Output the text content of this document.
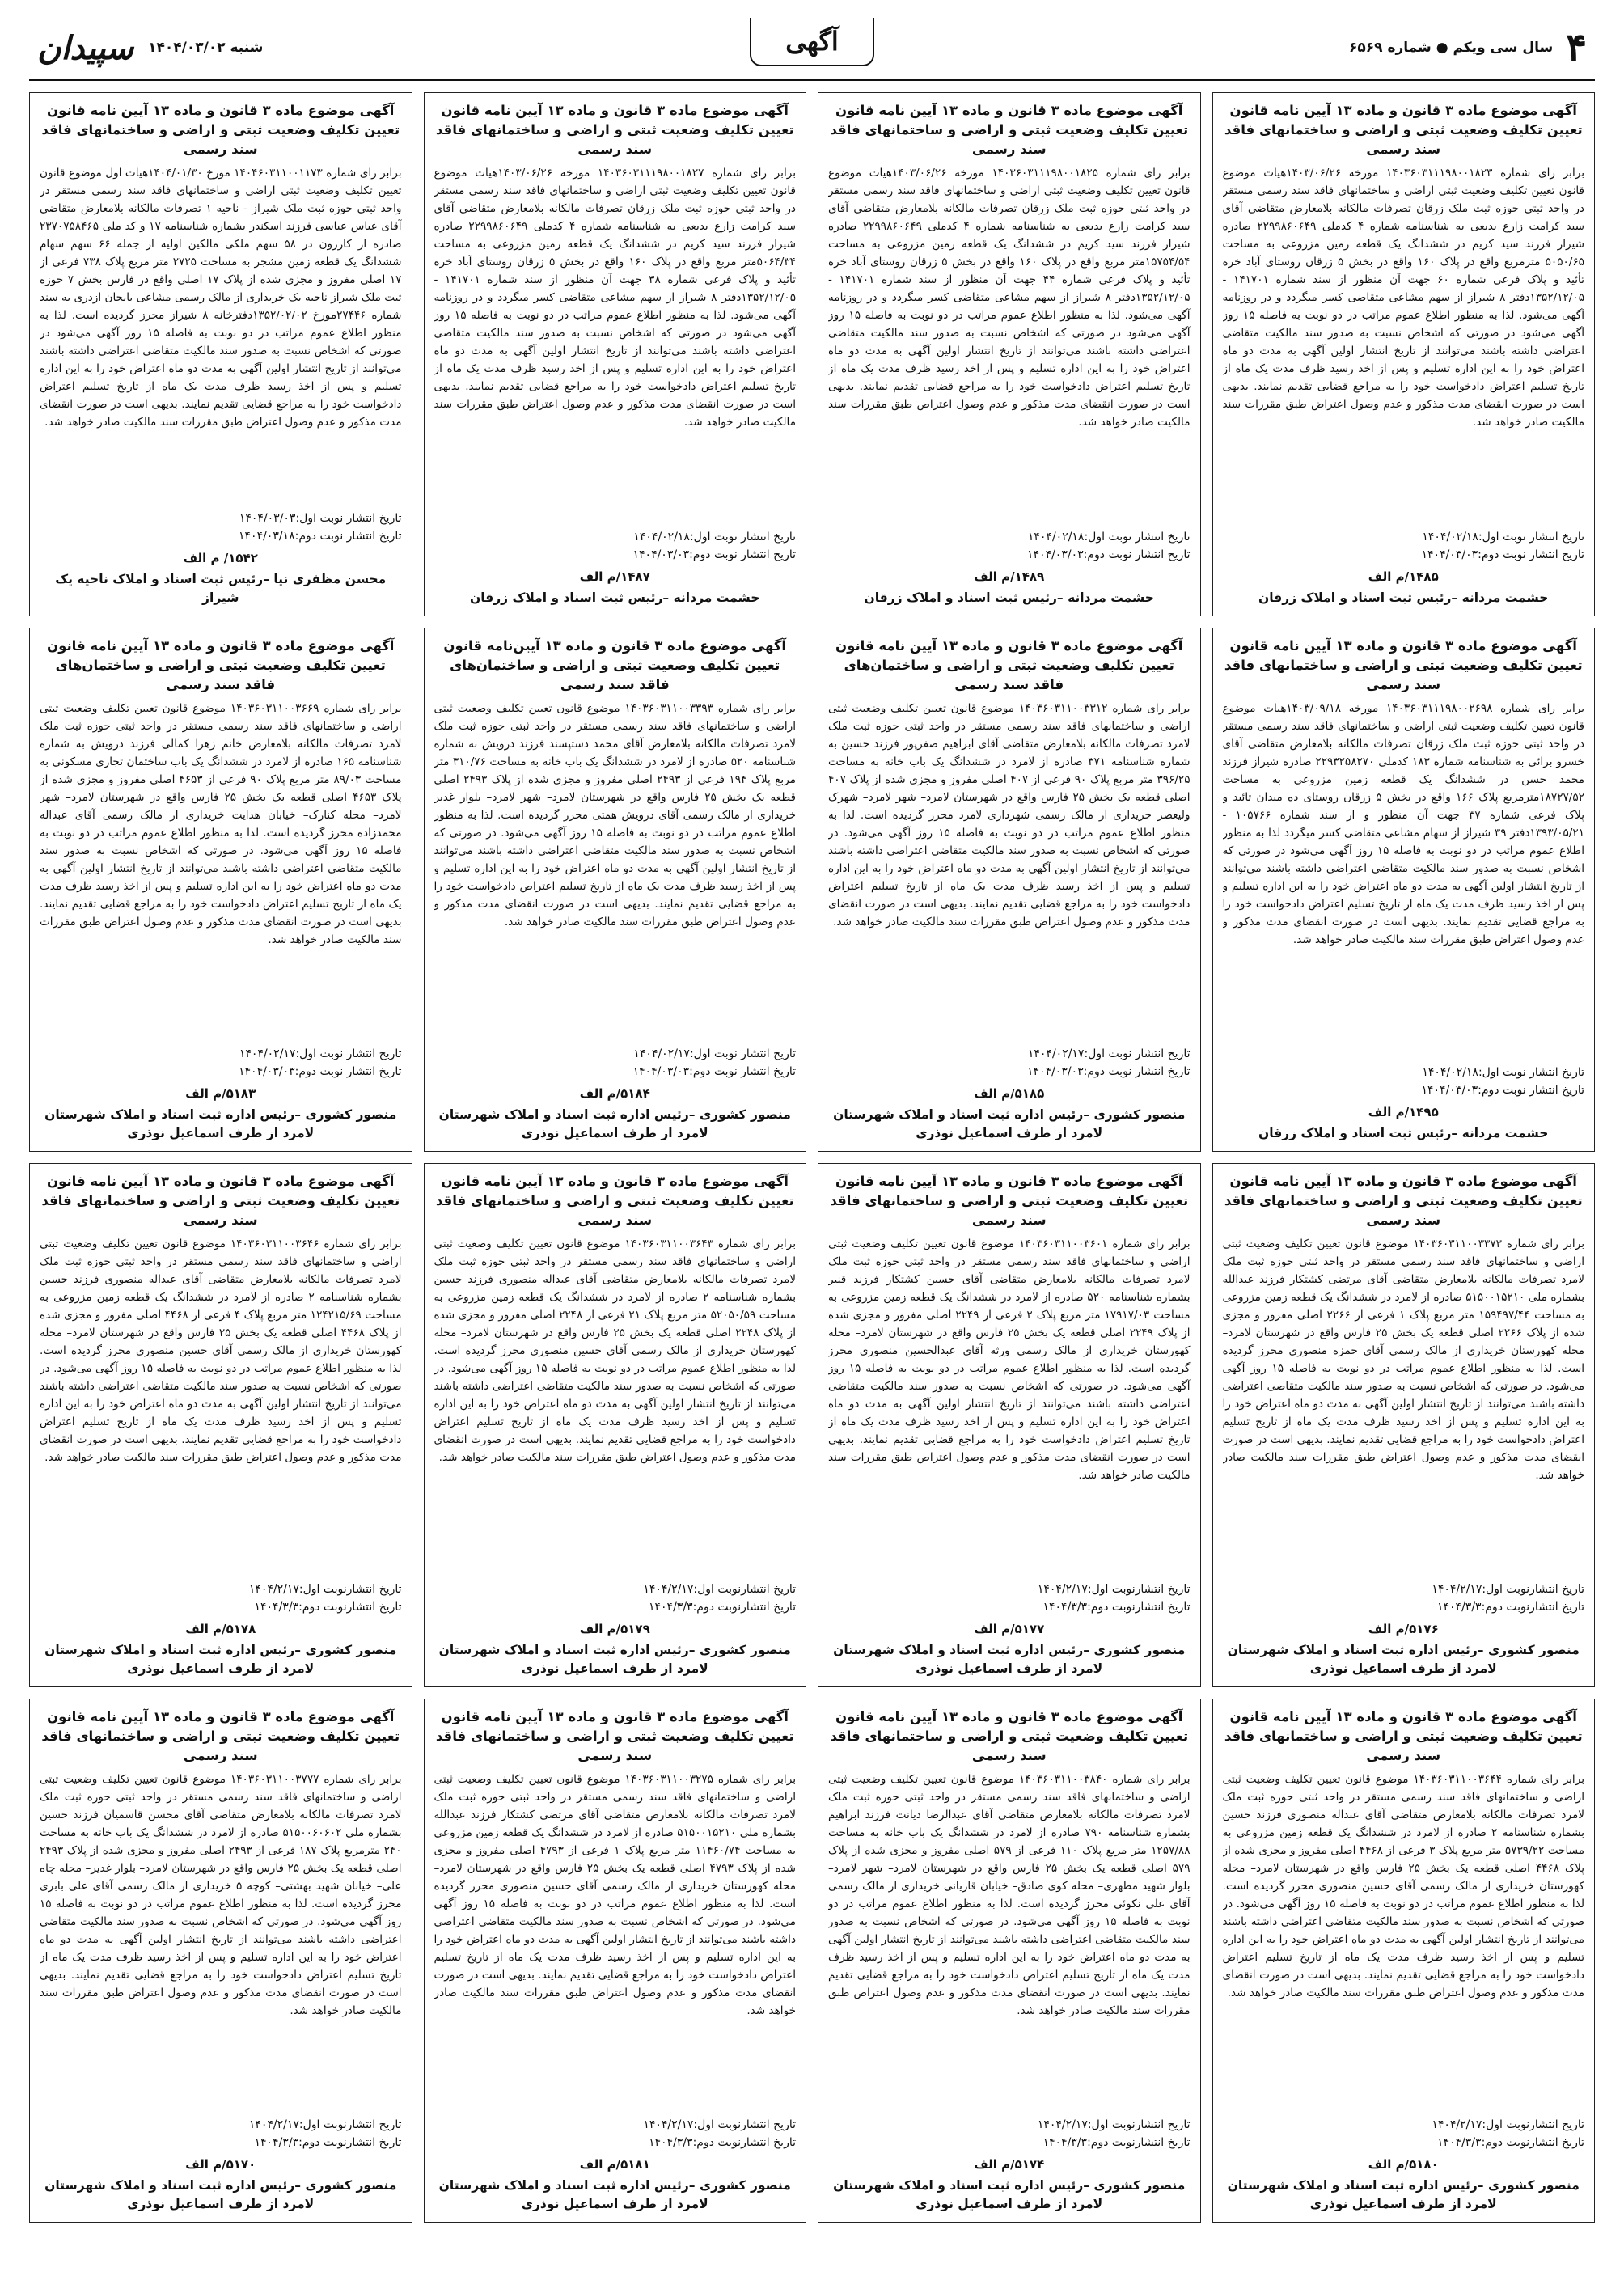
۴
سال سی ویکم ● شماره ۶۵۶۹
آگهی
شنبه ۱۴۰۴/۰۳/۰۲
سپیدان
آگهی موضوع ماده ۳ قانون و ماده ۱۳ آیین نامه قانون تعیین تکلیف وضعیت ثبتی و اراضی و ساختمانهای فاقد سند رسمی
برابر رای شماره ۱۴۰۳۶۰۳۱۱۱۹۸۰۰۱۸۲۳ مورخه ۱۴۰۳/۰۶/۲۶هیات موضوع قانون تعیین تکلیف وضعیت ثبتی اراضی و ساختمانهای فاقد سند رسمی مستقر در واحد ثبتی حوزه ثبت ملک زرقان تصرفات مالکانه بلامعارض متقاضی آقای سید کرامت زارع بدیعی به شناسنامه شماره ۴ کدملی ۲۲۹۹۸۶۰۶۴۹ صادره شیراز فرزند سید کریم در ششدانگ یک قطعه زمین مزروعی به مساحت ۵۰۵۰/۶۵ مترمربع واقع در پلاک ۱۶۰ واقع در بخش ۵ زرقان روستای آباد خره تأئید و پلاک فرعی شماره ۶۰ جهت آن منظور از سند شماره ۱۴۱۷۰۱ - ۱۳۵۲/۱۲/۰۵دفتر ۸ شیراز از سهم مشاعی متقاضی کسر میگردد و در روزنامه آگهی می‌شود. لذا به منظور اطلاع عموم مراتب در دو نوبت به فاصله ۱۵ روز آگهی می‌شود در صورتی که اشخاص نسبت به صدور سند مالکیت متقاضی اعتراضی داشته باشند می‌توانند از تاریخ انتشار اولین آگهی به مدت دو ماه اعتراض خود را به این اداره تسلیم و پس از اخذ رسید ظرف مدت یک ماه از تاریخ تسلیم اعتراض دادخواست خود را به مراجع قضایی تقدیم نمایند. بدیهی است در صورت انقضای مدت مذکور و عدم وصول اعتراض طبق مقررات سند مالکیت صادر خواهد شد.
تاریخ انتشار نوبت اول:۱۴۰۴/۰۲/۱۸
تاریخ انتشار نوبت دوم:۱۴۰۴/۰۳/۰۳
۱۴۸۵/م الف
حشمت مردانه –رئیس ثبت اسناد و املاک زرقان
آگهی موضوع ماده ۳ قانون و ماده ۱۳ آیین نامه قانون تعیین تکلیف وضعیت ثبتی و اراضی و ساختمانهای فاقد سند رسمی
برابر رای شماره ۱۴۰۳۶۰۳۱۱۱۹۸۰۰۱۸۲۵ مورخه ۱۴۰۳/۰۶/۲۶هیات موضوع قانون تعیین تکلیف وضعیت ثبتی اراضی و ساختمانهای فاقد سند رسمی مستقر در واحد ثبتی حوزه ثبت ملک زرقان تصرفات مالکانه بلامعارض متقاضی آقای سید کرامت زارع بدیعی به شناسنامه شماره ۴ کدملی ۲۲۹۹۸۶۰۶۴۹ صادره شیراز فرزند سید کریم در ششدانگ یک قطعه زمین مزروعی به مساحت ۱۵۷۵۴/۵۴متر مربع واقع در پلاک ۱۶۰ واقع در بخش ۵ زرقان روستای آباد خره تأئید و پلاک فرعی شماره ۴۴ جهت آن منظور از سند شماره ۱۴۱۷۰۱ - ۱۳۵۲/۱۲/۰۵دفتر ۸ شیراز از سهم مشاعی متقاضی کسر میگردد و در روزنامه آگهی می‌شود. لذا به منظور اطلاع عموم مراتب در دو نوبت به فاصله ۱۵ روز آگهی می‌شود در صورتی که اشخاص نسبت به صدور سند مالکیت متقاضی اعتراضی داشته باشند می‌توانند از تاریخ انتشار اولین آگهی به مدت دو ماه اعتراض خود را به این اداره تسلیم و پس از اخذ رسید ظرف مدت یک ماه از تاریخ تسلیم اعتراض دادخواست خود را به مراجع قضایی تقدیم نمایند. بدیهی است در صورت انقضای مدت مذکور و عدم وصول اعتراض طبق مقررات سند مالکیت صادر خواهد شد.
تاریخ انتشار نوبت اول:۱۴۰۴/۰۲/۱۸
تاریخ انتشار نوبت دوم:۱۴۰۴/۰۳/۰۳
۱۴۸۹/م الف
حشمت مردانه –رئیس ثبت اسناد و املاک زرقان
آگهی موضوع ماده ۳ قانون و ماده ۱۳ آیین نامه قانون تعیین تکلیف وضعیت ثبتی و اراضی و ساختمانهای فاقد سند رسمی
برابر رای شماره ۱۴۰۳۶۰۳۱۱۱۹۸۰۰۱۸۲۷ مورخه ۱۴۰۳/۰۶/۲۶هیات موضوع قانون تعیین تکلیف وضعیت ثبتی اراضی و ساختمانهای فاقد سند رسمی مستقر در واحد ثبتی حوزه ثبت ملک زرقان تصرفات مالکانه بلامعارض متقاضی آقای سید کرامت زارع بدیعی به شناسنامه شماره ۴ کدملی ۲۲۹۹۸۶۰۶۴۹ صادره شیراز فرزند سید کریم در ششدانگ یک قطعه زمین مزروعی به مساحت ۵۰۶۴/۳۴متر مربع واقع در پلاک ۱۶۰ واقع در بخش ۵ زرقان روستای آباد خره تأئید و پلاک فرعی شماره ۳۸ جهت آن منظور از سند شماره ۱۴۱۷۰۱ - ۱۳۵۲/۱۲/۰۵دفتر ۸ شیراز از سهم مشاعی متقاضی کسر میگردد و در روزنامه آگهی می‌شود. لذا به منظور اطلاع عموم مراتب در دو نوبت به فاصله ۱۵ روز آگهی می‌شود در صورتی که اشخاص نسبت به صدور سند مالکیت متقاضی اعتراضی داشته باشند می‌توانند از تاریخ انتشار اولین آگهی به مدت دو ماه اعتراض خود را به این اداره تسلیم و پس از اخذ رسید ظرف مدت یک ماه از تاریخ تسلیم اعتراض دادخواست خود را به مراجع قضایی تقدیم نمایند. بدیهی است در صورت انقضای مدت مذکور و عدم وصول اعتراض طبق مقررات سند مالکیت صادر خواهد شد.
تاریخ انتشار نوبت اول:۱۴۰۴/۰۲/۱۸
تاریخ انتشار نوبت دوم:۱۴۰۴/۰۳/۰۳
۱۴۸۷/م الف
حشمت مردانه –رئیس ثبت اسناد و املاک زرقان
آگهی موضوع ماده ۳ قانون و ماده ۱۳ آیین نامه قانون تعیین تکلیف وضعیت ثبتی و اراضی و ساختمانهای فاقد سند رسمی
برابر رای شماره ۱۴۰۴۶۰۳۱۱۰۰۱۱۷۳ مورخ ۱۴۰۴/۰۱/۳۰هیات اول موضوع قانون تعیین تکلیف وضعیت ثبتی اراضی و ساختمانهای فاقد سند رسمی مستقر در واحد ثبتی حوزه ثبت ملک شیراز - ناحیه ۱ تصرفات مالکانه بلامعارض متقاضی آقای عباس عباسی فرزند اسکندر بشماره شناسنامه ۱۷ و کد ملی ۲۳۷۰۷۵۸۴۶۵ صادره از کازرون در ۵۸ سهم ملکی مالکین اولیه از جمله ۶۶ سهم سهام ششدانگ یک قطعه زمین مشجر به مساحت ۲۷۲۵ متر مربع پلاک ۷۳۸ فرعی از ۱۷ اصلی مفروز و مجزی شده از پلاک ۱۷ اصلی واقع در فارس بخش ۷ حوزه ثبت ملک شیراز ناحیه یک خریداری از مالک رسمی مشاعی بانجان ازدری به سند شماره ۲۷۴۴۶مورخ ۱۳۵۲/۰۲/۰۲دفترخانه ۸ شیراز محرز گردیده است. لذا به منظور اطلاع عموم مراتب در دو نوبت به فاصله ۱۵ روز آگهی می‌شود در صورتی که اشخاص نسبت به صدور سند مالکیت متقاضی اعتراضی داشته باشند می‌توانند از تاریخ انتشار اولین آگهی به مدت دو ماه اعتراض خود را به این اداره تسلیم و پس از اخذ رسید ظرف مدت یک ماه از تاریخ تسلیم اعتراض دادخواست خود را به مراجع قضایی تقدیم نمایند. بدیهی است در صورت انقضای مدت مذکور و عدم وصول اعتراض طبق مقررات سند مالکیت صادر خواهد شد.
تاریخ انتشار نوبت اول:۱۴۰۴/۰۳/۰۳
تاریخ انتشار نوبت دوم:۱۴۰۴/۰۳/۱۸
۱۵۴۲/ م الف
محسن مظفری نیا –رئیس ثبت اسناد و املاک ناحیه یک شیراز
آگهی موضوع ماده ۳ قانون و ماده ۱۳ آیین نامه قانون تعیین تکلیف وضعیت ثبتی و اراضی و ساختمانهای فاقد سند رسمی
برابر رای شماره ۱۴۰۳۶۰۳۱۱۱۹۸۰۰۲۶۹۸ مورخه ۱۴۰۳/۰۹/۱۸هیات موضوع قانون تعیین تکلیف وضعیت ثبتی اراضی و ساختمانهای فاقد سند رسمی مستقر در واحد ثبتی حوزه ثبت ملک زرقان تصرفات مالکانه بلامعارض متقاضی آقای خسرو برائی به شناسنامه شماره ۱۸۳ کدملی ۲۲۹۳۲۵۸۲۷۰ صادره شیراز فرزند محمد حسن در ششدانگ یک قطعه زمین مزروعی به مساحت ۱۸۷۲۷/۵۲مترمربع پلاک ۱۶۶ واقع در بخش ۵ زرقان روستای ده میدان تائید و پلاک فرعی شماره ۳۷ جهت آن منظور و از سند شماره ۱۰۵۷۶۶ - ۱۳۹۳/۰۵/۲۱دفتر ۳۹ شیراز از سهام مشاعی متقاضی کسر میگردد لذا به منظور اطلاع عموم مراتب در دو نوبت به فاصله ۱۵ روز آگهی می‌شود در صورتی که اشخاص نسبت به صدور سند مالکیت متقاضی اعتراضی داشته باشند می‌توانند از تاریخ انتشار اولین آگهی به مدت دو ماه اعتراض خود را به این اداره تسلیم و پس از اخذ رسید ظرف مدت یک ماه از تاریخ تسلیم اعتراض دادخواست خود را به مراجع قضایی تقدیم نمایند. بدیهی است در صورت انقضای مدت مذکور و عدم وصول اعتراض طبق مقررات سند مالکیت صادر خواهد شد.
تاریخ انتشار نوبت اول:۱۴۰۴/۰۲/۱۸
تاریخ انتشار نوبت دوم:۱۴۰۴/۰۳/۰۳
۱۴۹۵/م الف
حشمت مردانه –رئیس ثبت اسناد و املاک زرقان
آگهی موضوع ماده ۳ قانون و ماده ۱۳ آیین نامه قانون تعیین تکلیف وضعیت ثبتی و اراضی و ساختمان‌های فاقد سند رسمی
برابر رای شماره ۱۴۰۳۶۰۳۱۱۰۰۳۳۱۲ موضوع قانون تعیین تکلیف وضعیت ثبتی اراضی و ساختمانهای فاقد سند رسمی مستقر در واحد ثبتی حوزه ثبت ملک لامرد تصرفات مالکانه بلامعارض متقاضی آقای ابراهیم صفرپور فرزند حسین به شماره شناسنامه ۳۷۱ صادره از لامرد در ششدانگ یک باب خانه به مساحت ۳۹۶/۲۵ متر مربع پلاک ۹۰ فرعی از ۴۰۷ اصلی مفروز و مجزی شده از پلاک ۴۰۷ اصلی قطعه یک بخش ۲۵ فارس واقع در شهرستان لامرد– شهر لامرد– شهرک ولیعصر خریداری از مالک رسمی شهرداری لامرد محرز گردیده است. لذا به منظور اطلاع عموم مراتب در دو نوبت به فاصله ۱۵ روز آگهی می‌شود. در صورتی که اشخاص نسبت به صدور سند مالکیت متقاضی اعتراضی داشته باشند می‌توانند از تاریخ انتشار اولین آگهی به مدت دو ماه اعتراض خود را به این اداره تسلیم و پس از اخذ رسید ظرف مدت یک ماه از تاریخ تسلیم اعتراض دادخواست خود را به مراجع قضایی تقدیم نمایند. بدیهی است در صورت انقضای مدت مذکور و عدم وصول اعتراض طبق مقررات سند مالکیت صادر خواهد شد.
تاریخ انتشار نوبت اول:۱۴۰۴/۰۲/۱۷
تاریخ انتشار نوبت دوم:۱۴۰۴/۰۳/۰۳
۵۱۸۵/م الف
منصور کشوری –رئیس اداره ثبت اسناد و املاک شهرستان لامرد از طرف اسماعیل نوذری
آگهی موضوع ماده ۳ قانون و ماده ۱۳ آیین‌نامه قانون تعیین تکلیف وضعیت ثبتی و اراضی و ساختمان‌های فاقد سند رسمی
برابر رای شماره ۱۴۰۳۶۰۳۱۱۰۰۳۳۹۳ موضوع قانون تعیین تکلیف وضعیت ثبتی اراضی و ساختمانهای فاقد سند رسمی مستقر در واحد ثبتی حوزه ثبت ملک لامرد تصرفات مالکانه بلامعارض آقای محمد دستپسند فرزند درویش به شماره شناسنامه ۵۲۰ صادره از لامرد در ششدانگ یک باب خانه به مساحت ۳۱۰/۷۶ متر مربع پلاک ۱۹۴ فرعی از ۲۴۹۳ اصلی مفروز و مجزی شده از پلاک ۲۴۹۳ اصلی قطعه یک بخش ۲۵ فارس واقع در شهرستان لامرد– شهر لامرد– بلوار غدیر خریداری از مالک رسمی آقای درویش همتی محرز گردیده است. لذا به منظور اطلاع عموم مراتب در دو نوبت به فاصله ۱۵ روز آگهی می‌شود. در صورتی که اشخاص نسبت به صدور سند مالکیت متقاضی اعتراضی داشته باشند می‌توانند از تاریخ انتشار اولین آگهی به مدت دو ماه اعتراض خود را به این اداره تسلیم و پس از اخذ رسید ظرف مدت یک ماه از تاریخ تسلیم اعتراض دادخواست خود را به مراجع قضایی تقدیم نمایند. بدیهی است در صورت انقضای مدت مذکور و عدم وصول اعتراض طبق مقررات سند مالکیت صادر خواهد شد.
تاریخ انتشار نوبت اول:۱۴۰۴/۰۲/۱۷
تاریخ انتشار نوبت دوم:۱۴۰۴/۰۳/۰۳
۵۱۸۴/م الف
منصور کشوری –رئیس اداره ثبت اسناد و املاک شهرستان لامرد از طرف اسماعیل نوذری
آگهی موضوع ماده ۳ قانون و ماده ۱۳ آیین نامه قانون تعیین تکلیف وضعیت ثبتی و اراضی و ساختمان‌های فاقد سند رسمی
برابر رای شماره ۱۴۰۳۶۰۳۱۱۰۰۳۶۶۹ موضوع قانون تعیین تکلیف وضعیت ثبتی اراضی و ساختمانهای فاقد سند رسمی مستقر در واحد ثبتی حوزه ثبت ملک لامرد تصرفات مالکانه بلامعارض خانم زهرا کمالی فرزند درویش به شماره شناسنامه ۱۶۵ صادره از لامرد در ششدانگ یک باب ساختمان تجاری مسکونی به مساحت ۸۹/۰۳ متر مربع پلاک ۹۰ فرعی از ۴۶۵۳ اصلی مفروز و مجزی شده از پلاک ۴۶۵۳ اصلی قطعه یک بخش ۲۵ فارس واقع در شهرستان لامرد– شهر لامرد– محله کنارک– خیابان هدایت خریداری از مالک رسمی آقای عبداله محمدزاده محرز گردیده است. لذا به منظور اطلاع عموم مراتب در دو نوبت به فاصله ۱۵ روز آگهی می‌شود. در صورتی که اشخاص نسبت به صدور سند مالکیت متقاضی اعتراضی داشته باشند می‌توانند از تاریخ انتشار اولین آگهی به مدت دو ماه اعتراض خود را به این اداره تسلیم و پس از اخذ رسید ظرف مدت یک ماه از تاریخ تسلیم اعتراض دادخواست خود را به مراجع قضایی تقدیم نمایند. بدیهی است در صورت انقضای مدت مذکور و عدم وصول اعتراض طبق مقررات سند مالکیت صادر خواهد شد.
تاریخ انتشار نوبت اول:۱۴۰۴/۰۲/۱۷
تاریخ انتشار نوبت دوم:۱۴۰۴/۰۳/۰۳
۵۱۸۳/م الف
منصور کشوری –رئیس اداره ثبت اسناد و املاک شهرستان لامرد از طرف اسماعیل نوذری
آگهی موضوع ماده ۳ قانون و ماده ۱۳ آیین نامه قانون تعیین تکلیف وضعیت ثبتی و اراضی و ساختمانهای فاقد سند رسمی
برابر رای شماره ۱۴۰۳۶۰۳۱۱۰۰۳۳۷۳ موضوع قانون تعیین تکلیف وضعیت ثبتی اراضی و ساختمانهای فاقد سند رسمی مستقر در واحد ثبتی حوزه ثبت ملک لامرد تصرفات مالکانه بلامعارض متقاضی آقای مرتضی کشتکار فرزند عبدالله بشماره ملی ۵۱۵۰۰۱۵۲۱۰ صادره از لامرد در ششدانگ یک قطعه زمین مزروعی به مساحت ۱۵۹۴۹۷/۴۴ متر مربع پلاک ۱ فرعی از ۲۲۶۶ اصلی مفروز و مجزی شده از پلاک ۲۲۶۶ اصلی قطعه یک بخش ۲۵ فارس واقع در شهرستان لامرد– محله کهورستان خریداری از مالک رسمی آقای حمزه منصوری محرز گردیده است. لذا به منظور اطلاع عموم مراتب در دو نوبت به فاصله ۱۵ روز آگهی می‌شود. در صورتی که اشخاص نسبت به صدور سند مالکیت متقاضی اعتراضی داشته باشند می‌توانند از تاریخ انتشار اولین آگهی به مدت دو ماه اعتراض خود را به این اداره تسلیم و پس از اخذ رسید ظرف مدت یک ماه از تاریخ تسلیم اعتراض دادخواست خود را به مراجع قضایی تقدیم نمایند. بدیهی است در صورت انقضای مدت مذکور و عدم وصول اعتراض طبق مقررات سند مالکیت صادر خواهد شد.
تاریخ انتشارنوبت اول:۱۴۰۴/۲/۱۷
تاریخ انتشارنوبت دوم:۱۴۰۴/۳/۳
۵۱۷۶/م الف
منصور کشوری –رئیس اداره ثبت اسناد و املاک شهرستان لامرد از طرف اسماعیل نوذری
آگهی موضوع ماده ۳ قانون و ماده ۱۳ آیین نامه قانون تعیین تکلیف وضعیت ثبتی و اراضی و ساختمانهای فاقد سند رسمی
برابر رای شماره ۱۴۰۳۶۰۳۱۱۰۰۳۶۰۱ موضوع قانون تعیین تکلیف وضعیت ثبتی اراضی و ساختمانهای فاقد سند رسمی مستقر در واحد ثبتی حوزه ثبت ملک لامرد تصرفات مالکانه بلامعارض متقاضی آقای حسین کشتکار فرزند قنبر بشماره شناسنامه ۵۲۰ صادره از لامرد در ششدانگ یک قطعه زمین مزروعی به مساحت ۱۷۹۱۷/۰۳ متر مربع پلاک ۲ فرعی از ۲۲۴۹ اصلی مفروز و مجزی شده از پلاک ۲۲۴۹ اصلی قطعه یک بخش ۲۵ فارس واقع در شهرستان لامرد– محله کهورستان خریداری از مالک رسمی ورثه آقای عبدالحسین منصوری محرز گردیده است. لذا به منظور اطلاع عموم مراتب در دو نوبت به فاصله ۱۵ روز آگهی می‌شود. در صورتی که اشخاص نسبت به صدور سند مالکیت متقاضی اعتراضی داشته باشند می‌توانند از تاریخ انتشار اولین آگهی به مدت دو ماه اعتراض خود را به این اداره تسلیم و پس از اخذ رسید ظرف مدت یک ماه از تاریخ تسلیم اعتراض دادخواست خود را به مراجع قضایی تقدیم نمایند. بدیهی است در صورت انقضای مدت مذکور و عدم وصول اعتراض طبق مقررات سند مالکیت صادر خواهد شد.
تاریخ انتشارنوبت اول:۱۴۰۴/۲/۱۷
تاریخ انتشارنوبت دوم:۱۴۰۴/۳/۳
۵۱۷۷/م الف
منصور کشوری –رئیس اداره ثبت اسناد و املاک شهرستان لامرد از طرف اسماعیل نوذری
آگهی موضوع ماده ۳ قانون و ماده ۱۳ آیین نامه قانون تعیین تکلیف وضعیت ثبتی و اراضی و ساختمانهای فاقد سند رسمی
برابر رای شماره ۱۴۰۳۶۰۳۱۱۰۰۳۶۴۳ موضوع قانون تعیین تکلیف وضعیت ثبتی اراضی و ساختمانهای فاقد سند رسمی مستقر در واحد ثبتی حوزه ثبت ملک لامرد تصرفات مالکانه بلامعارض متقاضی آقای عبداله منصوری فرزند حسین بشماره شناسنامه ۲ صادره از لامرد در ششدانگ یک قطعه زمین مزروعی به مساحت ۵۲۰۵۰/۵۹ متر مربع پلاک ۲۱ فرعی از ۲۲۴۸ اصلی مفروز و مجزی شده از پلاک ۲۲۴۸ اصلی قطعه یک بخش ۲۵ فارس واقع در شهرستان لامرد– محله کهورستان خریداری از مالک رسمی آقای حسین منصوری محرز گردیده است. لذا به منظور اطلاع عموم مراتب در دو نوبت به فاصله ۱۵ روز آگهی می‌شود. در صورتی که اشخاص نسبت به صدور سند مالکیت متقاضی اعتراضی داشته باشند می‌توانند از تاریخ انتشار اولین آگهی به مدت دو ماه اعتراض خود را به این اداره تسلیم و پس از اخذ رسید ظرف مدت یک ماه از تاریخ تسلیم اعتراض دادخواست خود را به مراجع قضایی تقدیم نمایند. بدیهی است در صورت انقضای مدت مذکور و عدم وصول اعتراض طبق مقررات سند مالکیت صادر خواهد شد.
تاریخ انتشارنوبت اول:۱۴۰۴/۲/۱۷
تاریخ انتشارنوبت دوم:۱۴۰۴/۳/۳
۵۱۷۹/م الف
منصور کشوری –رئیس اداره ثبت اسناد و املاک شهرستان لامرد از طرف اسماعیل نوذری
آگهی موضوع ماده ۳ قانون و ماده ۱۳ آیین نامه قانون تعیین تکلیف وضعیت ثبتی و اراضی و ساختمانهای فاقد سند رسمی
برابر رای شماره ۱۴۰۳۶۰۳۱۱۰۰۳۶۴۶ موضوع قانون تعیین تکلیف وضعیت ثبتی اراضی و ساختمانهای فاقد سند رسمی مستقر در واحد ثبتی حوزه ثبت ملک لامرد تصرفات مالکانه بلامعارض متقاضی آقای عبداله منصوری فرزند حسین بشماره شناسنامه ۲ صادره از لامرد در ششدانگ یک قطعه زمین مزروعی به مساحت ۱۲۴۲۱۵/۶۹ متر مربع پلاک ۴ فرعی از ۴۴۶۸ اصلی مفروز و مجزی شده از پلاک ۴۴۶۸ اصلی قطعه یک بخش ۲۵ فارس واقع در شهرستان لامرد– محله کهورستان خریداری از مالک رسمی آقای حسین منصوری محرز گردیده است. لذا به منظور اطلاع عموم مراتب در دو نوبت به فاصله ۱۵ روز آگهی می‌شود. در صورتی که اشخاص نسبت به صدور سند مالکیت متقاضی اعتراضی داشته باشند می‌توانند از تاریخ انتشار اولین آگهی به مدت دو ماه اعتراض خود را به این اداره تسلیم و پس از اخذ رسید ظرف مدت یک ماه از تاریخ تسلیم اعتراض دادخواست خود را به مراجع قضایی تقدیم نمایند. بدیهی است در صورت انقضای مدت مذکور و عدم وصول اعتراض طبق مقررات سند مالکیت صادر خواهد شد.
تاریخ انتشارنوبت اول:۱۴۰۴/۲/۱۷
تاریخ انتشارنوبت دوم:۱۴۰۴/۳/۳
۵۱۷۸/م الف
منصور کشوری –رئیس اداره ثبت اسناد و املاک شهرستان لامرد از طرف اسماعیل نوذری
آگهی موضوع ماده ۳ قانون و ماده ۱۳ آیین نامه قانون تعیین تکلیف وضعیت ثبتی و اراضی و ساختمانهای فاقد سند رسمی
برابر رای شماره ۱۴۰۳۶۰۳۱۱۰۰۳۶۴۴ موضوع قانون تعیین تکلیف وضعیت ثبتی اراضی و ساختمانهای فاقد سند رسمی مستقر در واحد ثبتی حوزه ثبت ملک لامرد تصرفات مالکانه بلامعارض متقاضی آقای عبداله منصوری فرزند حسین بشماره شناسنامه ۲ صادره از لامرد در ششدانگ یک قطعه زمین مزروعی به مساحت ۵۷۳۹/۲۲ متر مربع پلاک ۳ فرعی از ۴۴۶۸ اصلی مفروز و مجزی شده از پلاک ۴۴۶۸ اصلی قطعه یک بخش ۲۵ فارس واقع در شهرستان لامرد– محله کهورستان خریداری از مالک رسمی آقای حسین منصوری محرز گردیده است. لذا به منظور اطلاع عموم مراتب در دو نوبت به فاصله ۱۵ روز آگهی می‌شود. در صورتی که اشخاص نسبت به صدور سند مالکیت متقاضی اعتراضی داشته باشند می‌توانند از تاریخ انتشار اولین آگهی به مدت دو ماه اعتراض خود را به این اداره تسلیم و پس از اخذ رسید ظرف مدت یک ماه از تاریخ تسلیم اعتراض دادخواست خود را به مراجع قضایی تقدیم نمایند. بدیهی است در صورت انقضای مدت مذکور و عدم وصول اعتراض طبق مقررات سند مالکیت صادر خواهد شد.
تاریخ انتشارنوبت اول:۱۴۰۴/۲/۱۷
تاریخ انتشارنوبت دوم:۱۴۰۴/۳/۳
۵۱۸۰/م الف
منصور کشوری –رئیس اداره ثبت اسناد و املاک شهرستان لامرد از طرف اسماعیل نوذری
آگهی موضوع ماده ۳ قانون و ماده ۱۳ آیین نامه قانون تعیین تکلیف وضعیت ثبتی و اراضی و ساختمانهای فاقد سند رسمی
برابر رای شماره ۱۴۰۳۶۰۳۱۱۰۰۳۸۴۰ موضوع قانون تعیین تکلیف وضعیت ثبتی اراضی و ساختمانهای فاقد سند رسمی مستقر در واحد ثبتی حوزه ثبت ملک لامرد تصرفات مالکانه بلامعارض متقاضی آقای عبدالرضا دیانت فرزند ابراهیم بشماره شناسنامه ۷۹۰ صادره از لامرد در ششدانگ یک باب خانه به مساحت ۱۲۵۷/۸۸ متر مربع پلاک ۱۱۰ فرعی از ۵۷۹ اصلی مفروز و مجزی شده از پلاک ۵۷۹ اصلی قطعه یک بخش ۲۵ فارس واقع در شهرستان لامرد– شهر لامرد– بلوار شهید مطهری– محله کوی صادق– خیابان قاریانی خریداری از مالک رسمی آقای علی نکوئی محرز گردیده است. لذا به منظور اطلاع عموم مراتب در دو نوبت به فاصله ۱۵ روز آگهی می‌شود. در صورتی که اشخاص نسبت به صدور سند مالکیت متقاضی اعتراضی داشته باشند می‌توانند از تاریخ انتشار اولین آگهی به مدت دو ماه اعتراض خود را به این اداره تسلیم و پس از اخذ رسید ظرف مدت یک ماه از تاریخ تسلیم اعتراض دادخواست خود را به مراجع قضایی تقدیم نمایند. بدیهی است در صورت انقضای مدت مذکور و عدم وصول اعتراض طبق مقررات سند مالکیت صادر خواهد شد.
تاریخ انتشارنوبت اول:۱۴۰۴/۲/۱۷
تاریخ انتشارنوبت دوم:۱۴۰۴/۳/۳
۵۱۷۴/م الف
منصور کشوری –رئیس اداره ثبت اسناد و املاک شهرستان لامرد از طرف اسماعیل نوذری
آگهی موضوع ماده ۳ قانون و ماده ۱۳ آیین نامه قانون تعیین تکلیف وضعیت ثبتی و اراضی و ساختمانهای فاقد سند رسمی
برابر رای شماره ۱۴۰۳۶۰۳۱۱۰۰۳۲۷۵ موضوع قانون تعیین تکلیف وضعیت ثبتی اراضی و ساختمانهای فاقد سند رسمی مستقر در واحد ثبتی حوزه ثبت ملک لامرد تصرفات مالکانه بلامعارض متقاضی آقای مرتضی کشتکار فرزند عبدالله بشماره ملی ۵۱۵۰۰۱۵۲۱۰ صادره از لامرد در ششدانگ یک قطعه زمین مزروعی به مساحت ۱۱۴۶۰/۷۴ متر مربع پلاک ۱ فرعی از ۴۷۹۳ اصلی مفروز و مجزی شده از پلاک ۴۷۹۳ اصلی قطعه یک بخش ۲۵ فارس واقع در شهرستان لامرد– محله کهورستان خریداری از مالک رسمی آقای حسین منصوری محرز گردیده است. لذا به منظور اطلاع عموم مراتب در دو نوبت به فاصله ۱۵ روز آگهی می‌شود. در صورتی که اشخاص نسبت به صدور سند مالکیت متقاضی اعتراضی داشته باشند می‌توانند از تاریخ انتشار اولین آگهی به مدت دو ماه اعتراض خود را به این اداره تسلیم و پس از اخذ رسید ظرف مدت یک ماه از تاریخ تسلیم اعتراض دادخواست خود را به مراجع قضایی تقدیم نمایند. بدیهی است در صورت انقضای مدت مذکور و عدم وصول اعتراض طبق مقررات سند مالکیت صادر خواهد شد.
تاریخ انتشارنوبت اول:۱۴۰۴/۲/۱۷
تاریخ انتشارنوبت دوم:۱۴۰۴/۳/۳
۵۱۸۱/م الف
منصور کشوری –رئیس اداره ثبت اسناد و املاک شهرستان لامرد از طرف اسماعیل نوذری
آگهی موضوع ماده ۳ قانون و ماده ۱۳ آیین نامه قانون تعیین تکلیف وضعیت ثبتی و اراضی و ساختمانهای فاقد سند رسمی
برابر رای شماره ۱۴۰۳۶۰۳۱۱۰۰۳۷۷۷ موضوع قانون تعیین تکلیف وضعیت ثبتی اراضی و ساختمانهای فاقد سند رسمی مستقر در واحد ثبتی حوزه ثبت ملک لامرد تصرفات مالکانه بلامعارض متقاضی آقای محسن قاسمیان فرزند حسین بشماره ملی ۵۱۵۰۰۶۰۶۰۲ صادره از لامرد در ششدانگ یک باب خانه به مساحت ۲۴۰ مترمربع پلاک ۱۸۷ فرعی از ۲۴۹۳ اصلی مفروز و مجزی شده از پلاک ۲۴۹۳ اصلی قطعه یک بخش ۲۵ فارس واقع در شهرستان لامرد– بلوار غدیر– محله چاه علی– خیابان شهید بهشتی– کوچه ۵ خریداری از مالک رسمی آقای علی بابری محرز گردیده است. لذا به منظور اطلاع عموم مراتب در دو نوبت به فاصله ۱۵ روز آگهی می‌شود. در صورتی که اشخاص نسبت به صدور سند مالکیت متقاضی اعتراضی داشته باشند می‌توانند از تاریخ انتشار اولین آگهی به مدت دو ماه اعتراض خود را به این اداره تسلیم و پس از اخذ رسید ظرف مدت یک ماه از تاریخ تسلیم اعتراض دادخواست خود را به مراجع قضایی تقدیم نمایند. بدیهی است در صورت انقضای مدت مذکور و عدم وصول اعتراض طبق مقررات سند مالکیت صادر خواهد شد.
تاریخ انتشارنوبت اول:۱۴۰۴/۲/۱۷
تاریخ انتشارنوبت دوم:۱۴۰۴/۳/۳
۵۱۷۰/م الف
منصور کشوری –رئیس اداره ثبت اسناد و املاک شهرستان لامرد از طرف اسماعیل نوذری
